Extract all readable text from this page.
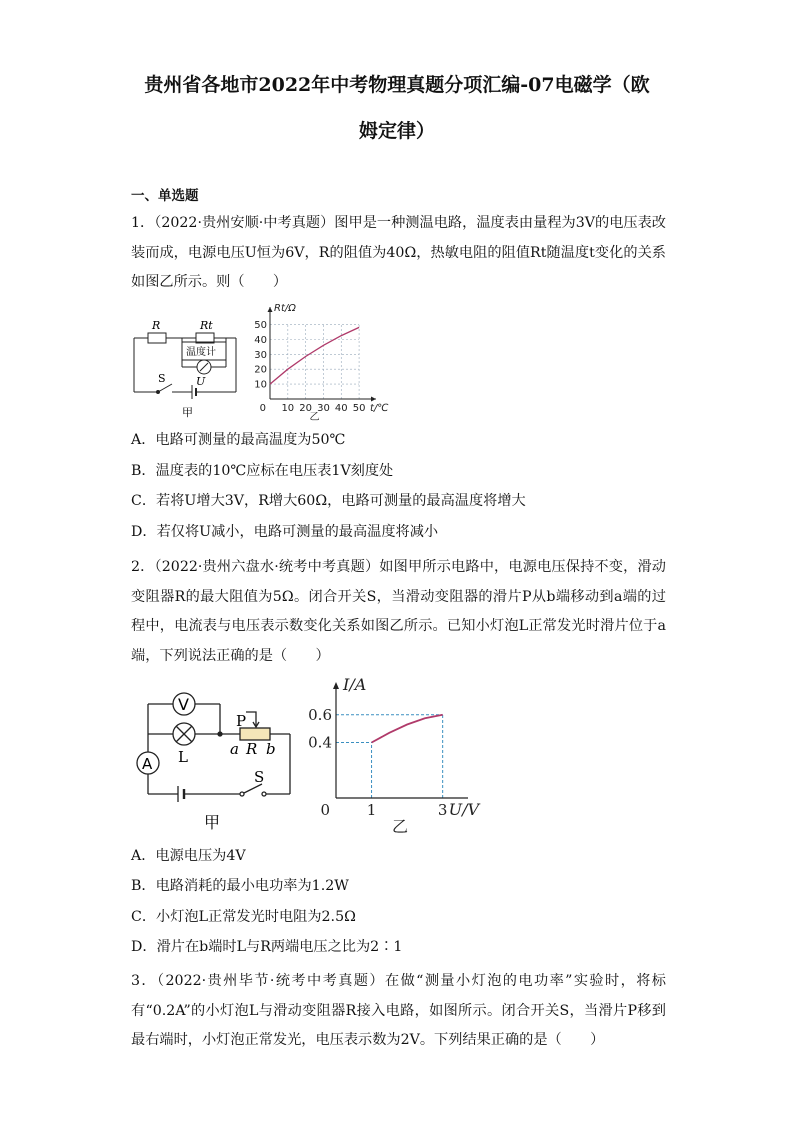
贵州省各地市2022年中考物理真题分项汇编-07电磁学（欧
姆定律）
一、单选题
1．（2022·贵州安顺·中考真题）图甲是一种测温电路，温度表由量程为3V的电压表改装而成，电源电压U恒为6V，R的阻值为40Ω，热敏电阻的阻值Rt随温度t变化的关系如图乙所示。则（　　）
R	Rt
温度计
S	U
甲	10 20 30 40 50
10
20
30
40
50
0
Rt/Ω
t/℃
乙
A．电路可测量的最高温度为50℃
B．温度表的10℃应标在电压表1V刻度处
C．若将U增大3V，R增大60Ω，电路可测量的最高温度将增大
D．若仅将U减小，电路可测量的最高温度将减小
2．（2022·贵州六盘水·统考中考真题）如图甲所示电路中，电源电压保持不变，滑动变阻器R的最大阻值为5Ω。闭合开关S，当滑动变阻器的滑片P从b端移动到a端的过程中，电流表与电压表示数变化关系如图乙所示。已知小灯泡L正常发光时滑片位于a端，下列说法正确的是（　　）
V
A L
P
a R b
S
甲
1	3
0.4
0.6
0
I/A
U/V
乙
A．电源电压为4V
B．电路消耗的最小电功率为1.2W
C．小灯泡L正常发光时电阻为2.5Ω
D．滑片在b端时L与R两端电压之比为2∶1
3．（2022·贵州毕节·统考中考真题）在做“测量小灯泡的电功率”实验时，将标有“0.2A”的小灯泡L与滑动变阻器R接入电路，如图所示。闭合开关S，当滑片P移到最右端时，小灯泡正常发光，电压表示数为2V。下列结果正确的是（　　）
